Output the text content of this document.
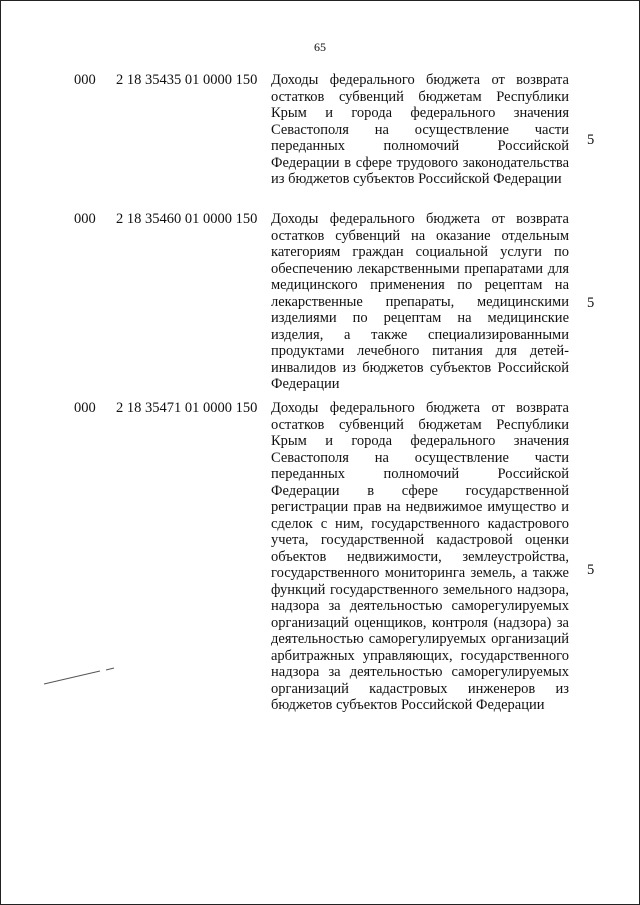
65
000 2 18 35435 01 0000 150 Доходы федерального бюджета от возврата остатков субвенций бюджетам Республики Крым и города федерального значения Севастополя на осуществление части переданных полномочий Российской Федерации в сфере трудового законодательства из бюджетов субъектов Российской Федерации
5
000 2 18 35460 01 0000 150 Доходы федерального бюджета от возврата остатков субвенций на оказание отдельным категориям граждан социальной услуги по обеспечению лекарственными препаратами для медицинского применения по рецептам на лекарственные препараты, медицинскими изделиями по рецептам на медицинские изделия, а также специализированными продуктами лечебного питания для детей-инвалидов из бюджетов субъектов Российской Федерации
5
000 2 18 35471 01 0000 150 Доходы федерального бюджета от возврата остатков субвенций бюджетам Республики Крым и города федерального значения Севастополя на осуществление части переданных полномочий Российской Федерации в сфере государственной регистрации прав на недвижимое имущество и сделок с ним, государственного кадастрового учета, государственной кадастровой оценки объектов недвижимости, землеустройства, государственного мониторинга земель, а также функций государственного земельного надзора, надзора за деятельностью саморегулируемых организаций оценщиков, контроля (надзора) за деятельностью саморегулируемых организаций арбитражных управляющих, государственного надзора за деятельностью саморегулируемых организаций кадастровых инженеров из бюджетов субъектов Российской Федерации
5
